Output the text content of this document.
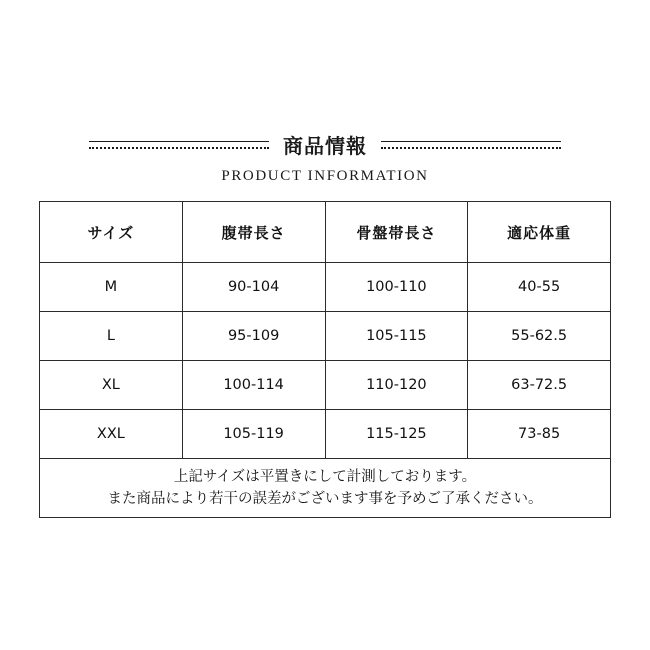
商品情報
PRODUCT INFORMATION
サイズ	腹帯長さ	骨盤帯長さ	適応体重
M	90-104	100-110	40-55
L	95-109	105-115	55-62.5
XL	100-114	110-120	63-72.5
XXL	105-119	115-125	73-85

上記サイズは平置きにして計測しております。
また商品により若干の誤差がございます事を予めご了承ください。			
